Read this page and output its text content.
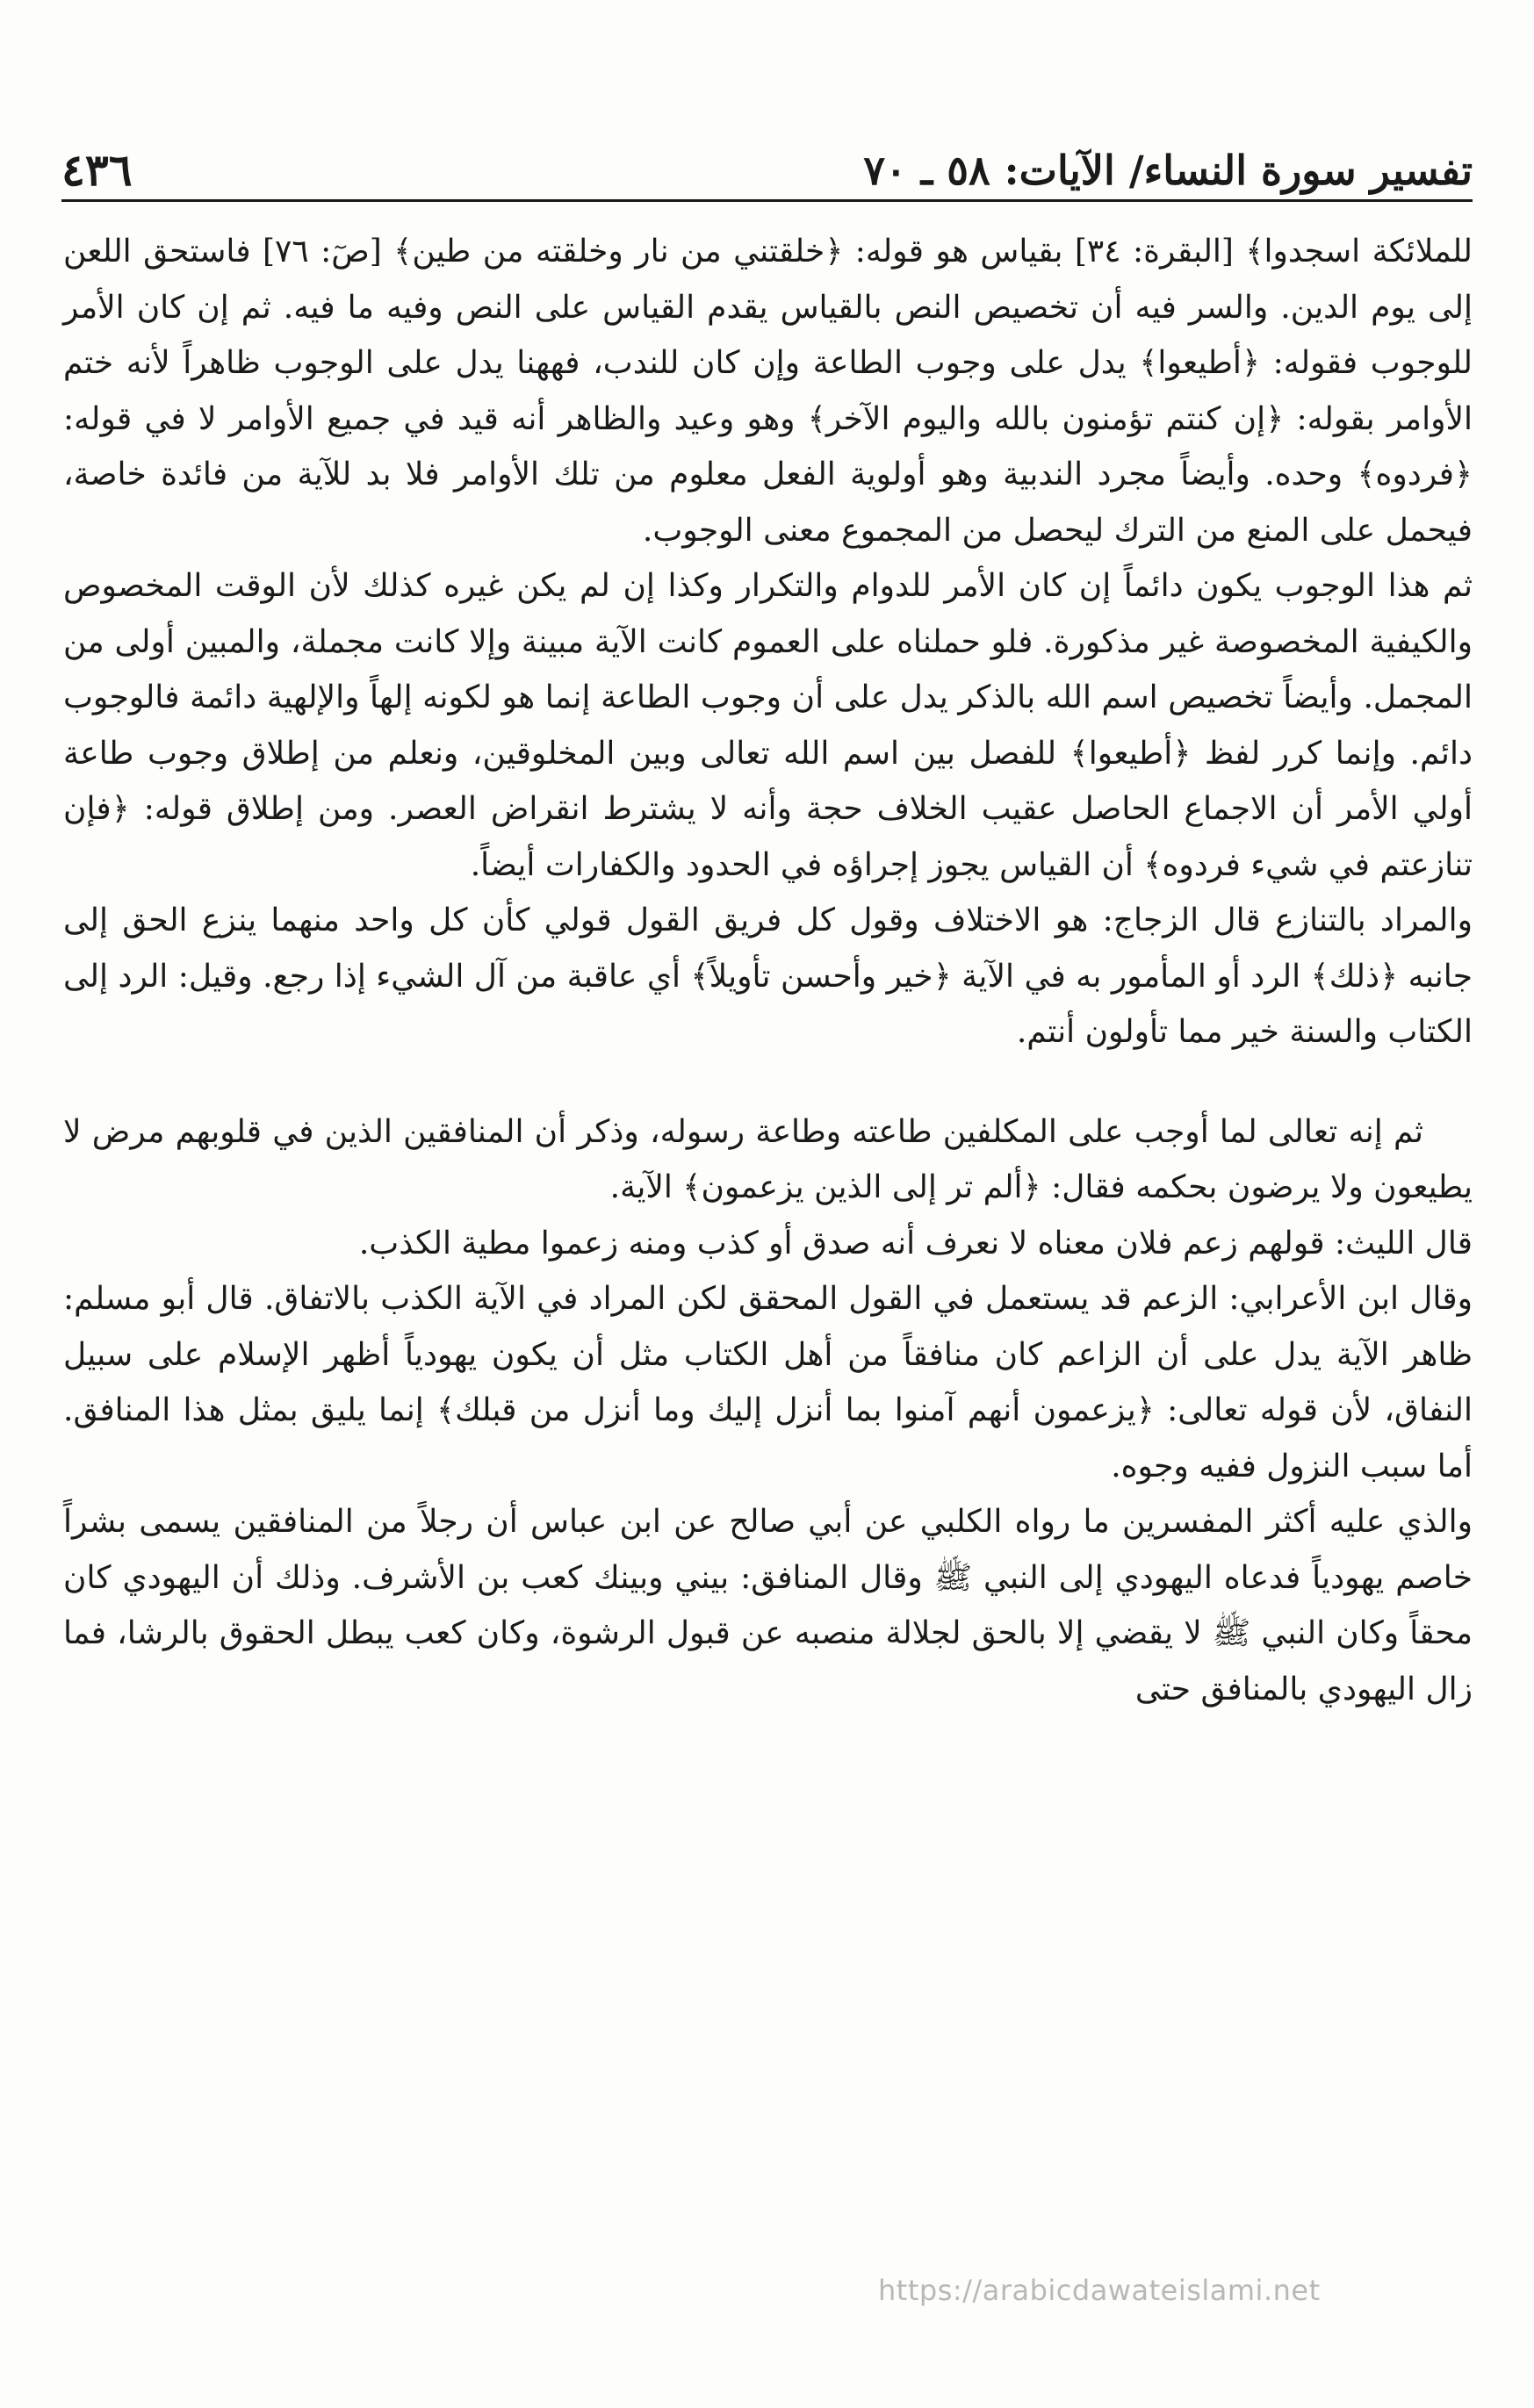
تفسير سورة النساء/ الآيات: ٥٨ ـ ٧٠
٤٣٦

للملائكة اسجدوا﴾ [البقرة: ٣٤] بقياس هو قوله: ﴿خلقتني من نار وخلقته من طين﴾ [صٓ: ٧٦] فاستحق اللعن إلى يوم الدين. والسر فيه أن تخصيص النص بالقياس يقدم القياس على النص وفيه ما فيه. ثم إن كان الأمر للوجوب فقوله: ﴿أطيعوا﴾ يدل على وجوب الطاعة وإن كان للندب، فههنا يدل على الوجوب ظاهراً لأنه ختم الأوامر بقوله: ﴿إن كنتم تؤمنون بالله واليوم الآخر﴾ وهو وعيد والظاهر أنه قيد في جميع الأوامر لا في قوله: ﴿فردوه﴾ وحده. وأيضاً مجرد الندبية وهو أولوية الفعل معلوم من تلك الأوامر فلا بد للآية من فائدة خاصة، فيحمل على المنع من الترك ليحصل من المجموع معنى الوجوب.

ثم هذا الوجوب يكون دائماً إن كان الأمر للدوام والتكرار وكذا إن لم يكن غيره كذلك لأن الوقت المخصوص والكيفية المخصوصة غير مذكورة. فلو حملناه على العموم كانت الآية مبينة وإلا كانت مجملة، والمبين أولى من المجمل. وأيضاً تخصيص اسم الله بالذكر يدل على أن وجوب الطاعة إنما هو لكونه إلهاً والإلهية دائمة فالوجوب دائم. وإنما كرر لفظ ﴿أطيعوا﴾ للفصل بين اسم الله تعالى وبين المخلوقين، ونعلم من إطلاق وجوب طاعة أولي الأمر أن الاجماع الحاصل عقيب الخلاف حجة وأنه لا يشترط انقراض العصر. ومن إطلاق قوله: ﴿فإن تنازعتم في شيء فردوه﴾ أن القياس يجوز إجراؤه في الحدود والكفارات أيضاً.

والمراد بالتنازع قال الزجاج: هو الاختلاف وقول كل فريق القول قولي كأن كل واحد منهما ينزع الحق إلى جانبه ﴿ذلك﴾ الرد أو المأمور به في الآية ﴿خير وأحسن تأويلاً﴾ أي عاقبة من آل الشيء إذا رجع. وقيل: الرد إلى الكتاب والسنة خير مما تأولون أنتم.

ثم إنه تعالى لما أوجب على المكلفين طاعته وطاعة رسوله، وذكر أن المنافقين الذين في قلوبهم مرض لا يطيعون ولا يرضون بحكمه فقال: ﴿ألم تر إلى الذين يزعمون﴾ الآية.

قال الليث: قولهم زعم فلان معناه لا نعرف أنه صدق أو كذب ومنه زعموا مطية الكذب.

وقال ابن الأعرابي: الزعم قد يستعمل في القول المحقق لكن المراد في الآية الكذب بالاتفاق. قال أبو مسلم: ظاهر الآية يدل على أن الزاعم كان منافقاً من أهل الكتاب مثل أن يكون يهودياً أظهر الإسلام على سبيل النفاق، لأن قوله تعالى: ﴿يزعمون أنهم آمنوا بما أنزل إليك وما أنزل من قبلك﴾ إنما يليق بمثل هذا المنافق. أما سبب النزول ففيه وجوه.

والذي عليه أكثر المفسرين ما رواه الكلبي عن أبي صالح عن ابن عباس أن رجلاً من المنافقين يسمى بشراً خاصم يهودياً فدعاه اليهودي إلى النبي ﷺ وقال المنافق: بيني وبينك كعب بن الأشرف. وذلك أن اليهودي كان محقاً وكان النبي ﷺ لا يقضي إلا بالحق لجلالة منصبه عن قبول الرشوة، وكان كعب يبطل الحقوق بالرشا، فما زال اليهودي بالمنافق حتى

https://arabicdawateislami.net
